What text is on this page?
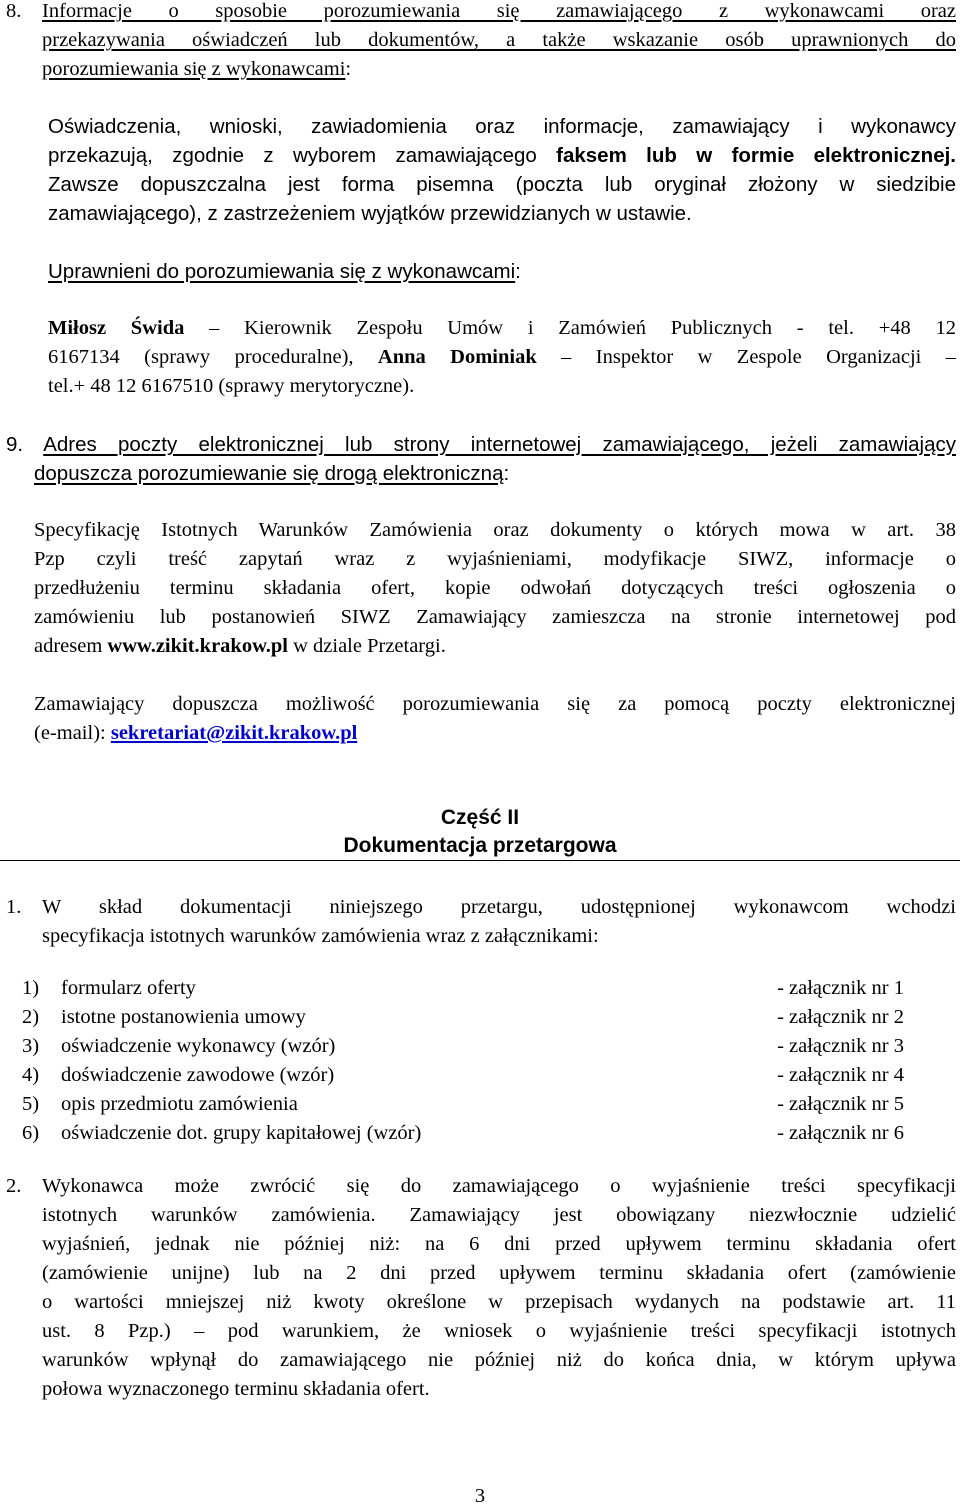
8.	Informacje o sposobie porozumiewania się zamawiającego z wykonawcami oraz
przekazywania oświadczeń lub dokumentów, a także wskazanie osób uprawnionych do
porozumiewania się z wykonawcami:
Oświadczenia, wnioski, zawiadomienia oraz informacje, zamawiający i wykonawcy
przekazują, zgodnie z wyborem zamawiającego faksem lub w formie elektronicznej.
Zawsze dopuszczalna jest forma pisemna (poczta lub oryginał złożony w siedzibie
zamawiającego), z zastrzeżeniem wyjątków przewidzianych w ustawie.
Uprawnieni do porozumiewania się z wykonawcami:
Miłosz Świda – Kierownik Zespołu Umów i Zamówień Publicznych - tel. +48 12
6167134 (sprawy proceduralne), Anna Dominiak – Inspektor w Zespole Organizacji –
tel.+ 48 12 6167510 (sprawy merytoryczne).
9. Adres poczty elektronicznej lub strony internetowej zamawiającego, jeżeli zamawiający
dopuszcza porozumiewanie się drogą elektroniczną:
Specyfikację Istotnych Warunków Zamówienia oraz dokumenty o których mowa w art. 38
Pzp czyli treść zapytań wraz z wyjaśnieniami, modyfikacje SIWZ, informacje o
przedłużeniu terminu składania ofert, kopie odwołań dotyczących treści ogłoszenia o
zamówieniu lub postanowień SIWZ Zamawiający zamieszcza na stronie internetowej pod
adresem www.zikit.krakow.pl w dziale Przetargi.
Zamawiający dopuszcza możliwość porozumiewania się za pomocą poczty elektronicznej
(e-mail): sekretariat@zikit.krakow.pl
Część II
Dokumentacja przetargowa
1.	W skład dokumentacji niniejszego przetargu, udostępnionej wykonawcom wchodzi
specyfikacja istotnych warunków zamówienia wraz z załącznikami:
1) formularz oferty	- załącznik nr 1
2) istotne postanowienia umowy	- załącznik nr 2
3) oświadczenie wykonawcy (wzór)	- załącznik nr 3
4) doświadczenie zawodowe (wzór)	- załącznik nr 4
5) opis przedmiotu zamówienia	- załącznik nr 5
6) oświadczenie dot. grupy kapitałowej (wzór)	- załącznik nr 6
2.	Wykonawca może zwrócić się do zamawiającego o wyjaśnienie treści specyfikacji
istotnych warunków zamówienia. Zamawiający jest obowiązany niezwłocznie udzielić
wyjaśnień, jednak nie później niż: na 6 dni przed upływem terminu składania ofert
(zamówienie unijne) lub na 2 dni przed upływem terminu składania ofert (zamówienie
o wartości mniejszej niż kwoty określone w przepisach wydanych na podstawie art. 11
ust. 8 Pzp.) – pod warunkiem, że wniosek o wyjaśnienie treści specyfikacji istotnych
warunków wpłynął do zamawiającego nie później niż do końca dnia, w którym upływa
połowa wyznaczonego terminu składania ofert.
3
